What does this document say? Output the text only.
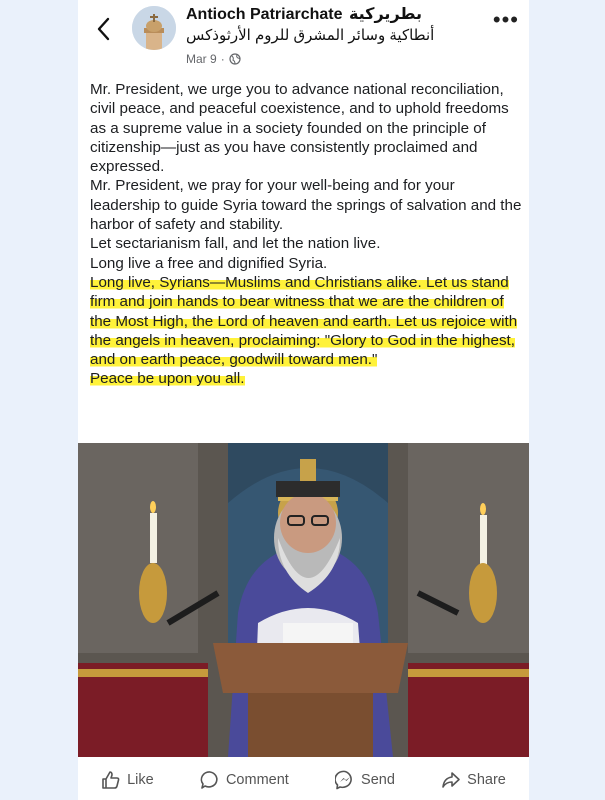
Antioch Patriarchate بطريركية
أنطاكية وسائر المشرق للروم الأرثوذكس
Mar 9 ·
•••

Mr. President, we urge you to advance national reconciliation, civil peace, and peaceful coexistence, and to uphold freedoms as a supreme value in a society founded on the principle of citizenship—just as you have consistently proclaimed and expressed.

Mr. President, we pray for your well-being and for your leadership to guide Syria toward the springs of salvation and the harbor of safety and stability.

Let sectarianism fall, and let the nation live.

Long live a free and dignified Syria.

Long live, Syrians—Muslims and Christians alike. Let us stand firm and join hands to bear witness that we are the children of the Most High, the Lord of heaven and earth. Let us rejoice with the angels in heaven, proclaiming: "Glory to God in the highest, and on earth peace, goodwill toward men."

Peace be upon you all.

Like	Comment	Send	Share
